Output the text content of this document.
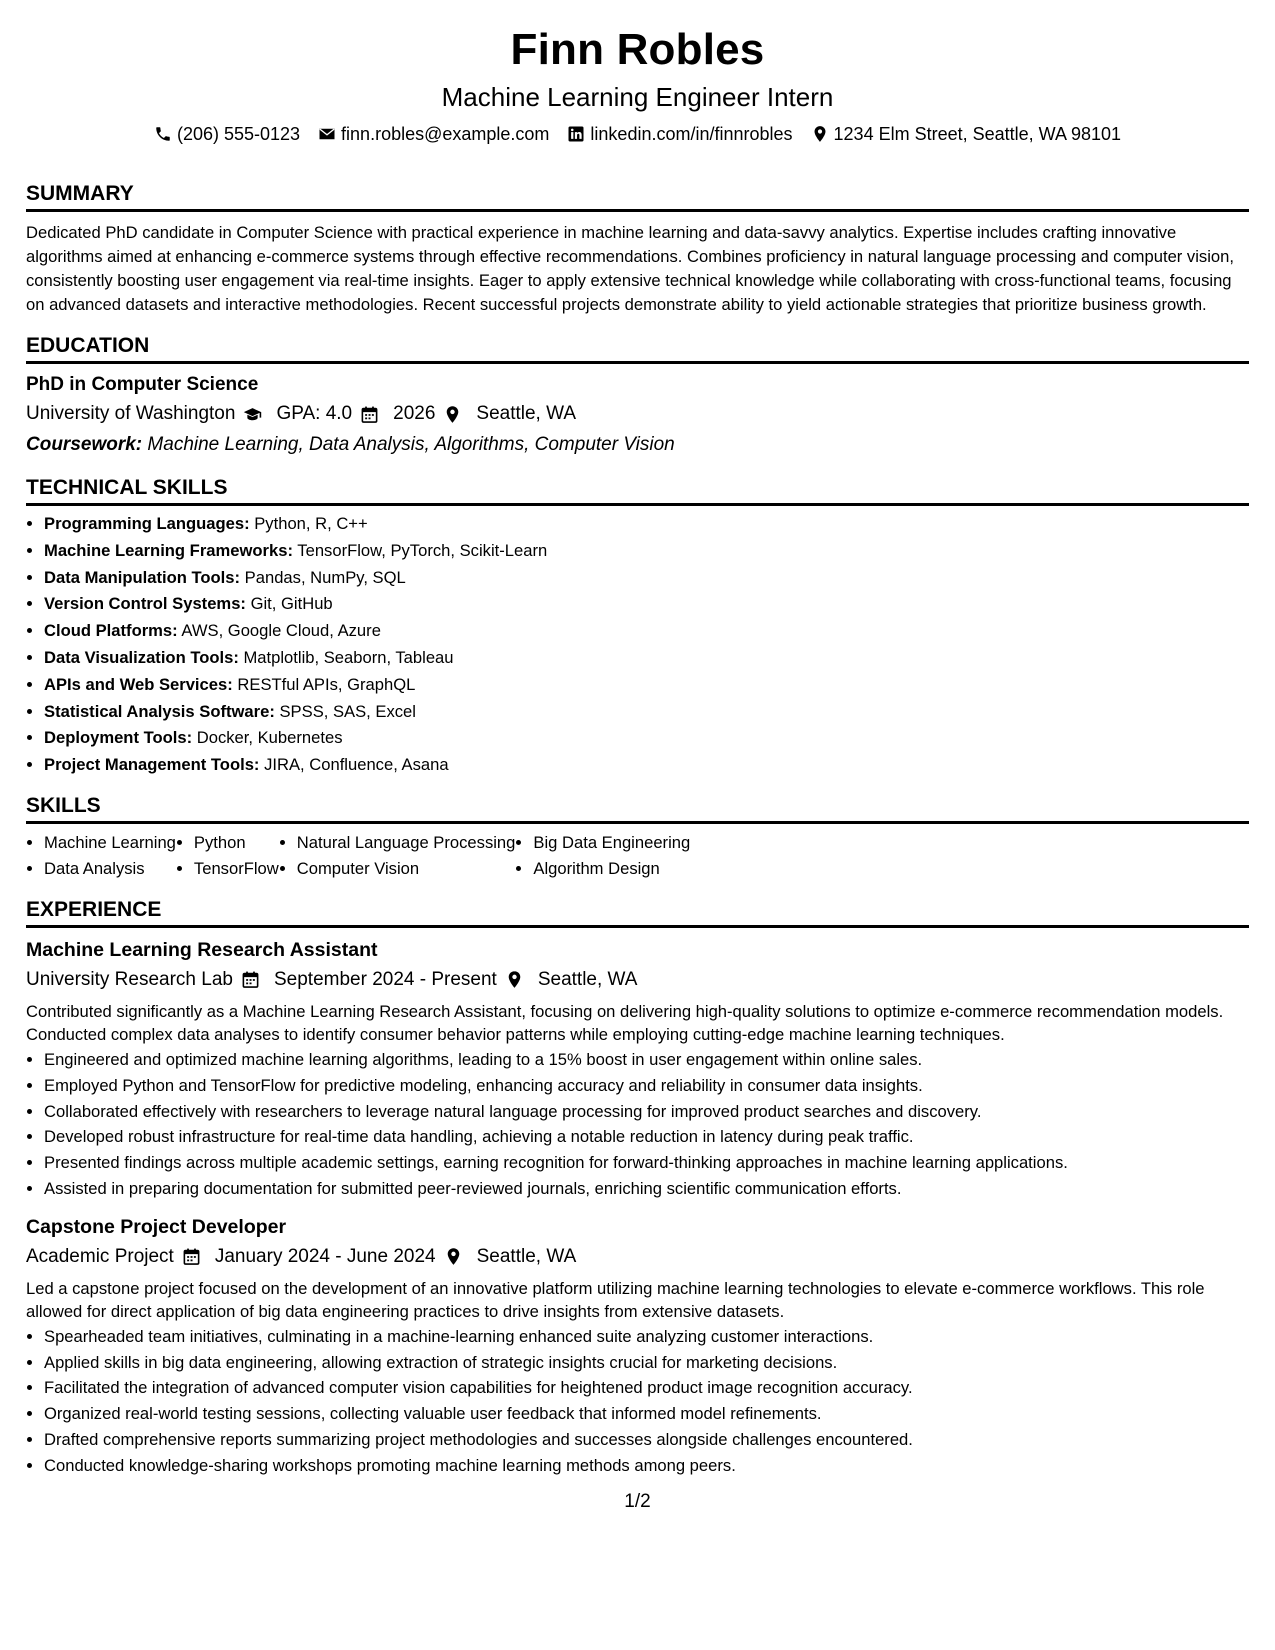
Finn Robles
Machine Learning Engineer Intern
(206) 555-0123 finn.robles@example.com linkedin.com/in/finnrobles 1234 Elm Street, Seattle, WA 98101
SUMMARY
Dedicated PhD candidate in Computer Science with practical experience in machine learning and data-savvy analytics. Expertise includes crafting innovative algorithms aimed at enhancing e-commerce systems through effective recommendations. Combines proficiency in natural language processing and computer vision, consistently boosting user engagement via real-time insights. Eager to apply extensive technical knowledge while collaborating with cross-functional teams, focusing on advanced datasets and interactive methodologies. Recent successful projects demonstrate ability to yield actionable strategies that prioritize business growth.
EDUCATION
PhD in Computer Science
University of Washington GPA: 4.0 2026 Seattle, WA
Coursework: Machine Learning, Data Analysis, Algorithms, Computer Vision
TECHNICAL SKILLS
• Programming Languages: Python, R, C++
• Machine Learning Frameworks: TensorFlow, PyTorch, Scikit-Learn
• Data Manipulation Tools: Pandas, NumPy, SQL
• Version Control Systems: Git, GitHub
• Cloud Platforms: AWS, Google Cloud, Azure
• Data Visualization Tools: Matplotlib, Seaborn, Tableau
• APIs and Web Services: RESTful APIs, GraphQL
• Statistical Analysis Software: SPSS, SAS, Excel
• Deployment Tools: Docker, Kubernetes
• Project Management Tools: JIRA, Confluence, Asana
SKILLS
• Machine Learning
• Data Analysis
• Python
• TensorFlow
• Natural Language Processing
• Computer Vision
• Big Data Engineering
• Algorithm Design
EXPERIENCE
Machine Learning Research Assistant
University Research Lab September 2024 - Present Seattle, WA
Contributed significantly as a Machine Learning Research Assistant, focusing on delivering high-quality solutions to optimize e-commerce recommendation models. Conducted complex data analyses to identify consumer behavior patterns while employing cutting-edge machine learning techniques.
• Engineered and optimized machine learning algorithms, leading to a 15% boost in user engagement within online sales.
• Employed Python and TensorFlow for predictive modeling, enhancing accuracy and reliability in consumer data insights.
• Collaborated effectively with researchers to leverage natural language processing for improved product searches and discovery.
• Developed robust infrastructure for real-time data handling, achieving a notable reduction in latency during peak traffic.
• Presented findings across multiple academic settings, earning recognition for forward-thinking approaches in machine learning applications.
• Assisted in preparing documentation for submitted peer-reviewed journals, enriching scientific communication efforts.
Capstone Project Developer
Academic Project January 2024 - June 2024 Seattle, WA
Led a capstone project focused on the development of an innovative platform utilizing machine learning technologies to elevate e-commerce workflows. This role allowed for direct application of big data engineering practices to drive insights from extensive datasets.
• Spearheaded team initiatives, culminating in a machine-learning enhanced suite analyzing customer interactions.
• Applied skills in big data engineering, allowing extraction of strategic insights crucial for marketing decisions.
• Facilitated the integration of advanced computer vision capabilities for heightened product image recognition accuracy.
• Organized real-world testing sessions, collecting valuable user feedback that informed model refinements.
• Drafted comprehensive reports summarizing project methodologies and successes alongside challenges encountered.
• Conducted knowledge-sharing workshops promoting machine learning methods among peers.
1/2
